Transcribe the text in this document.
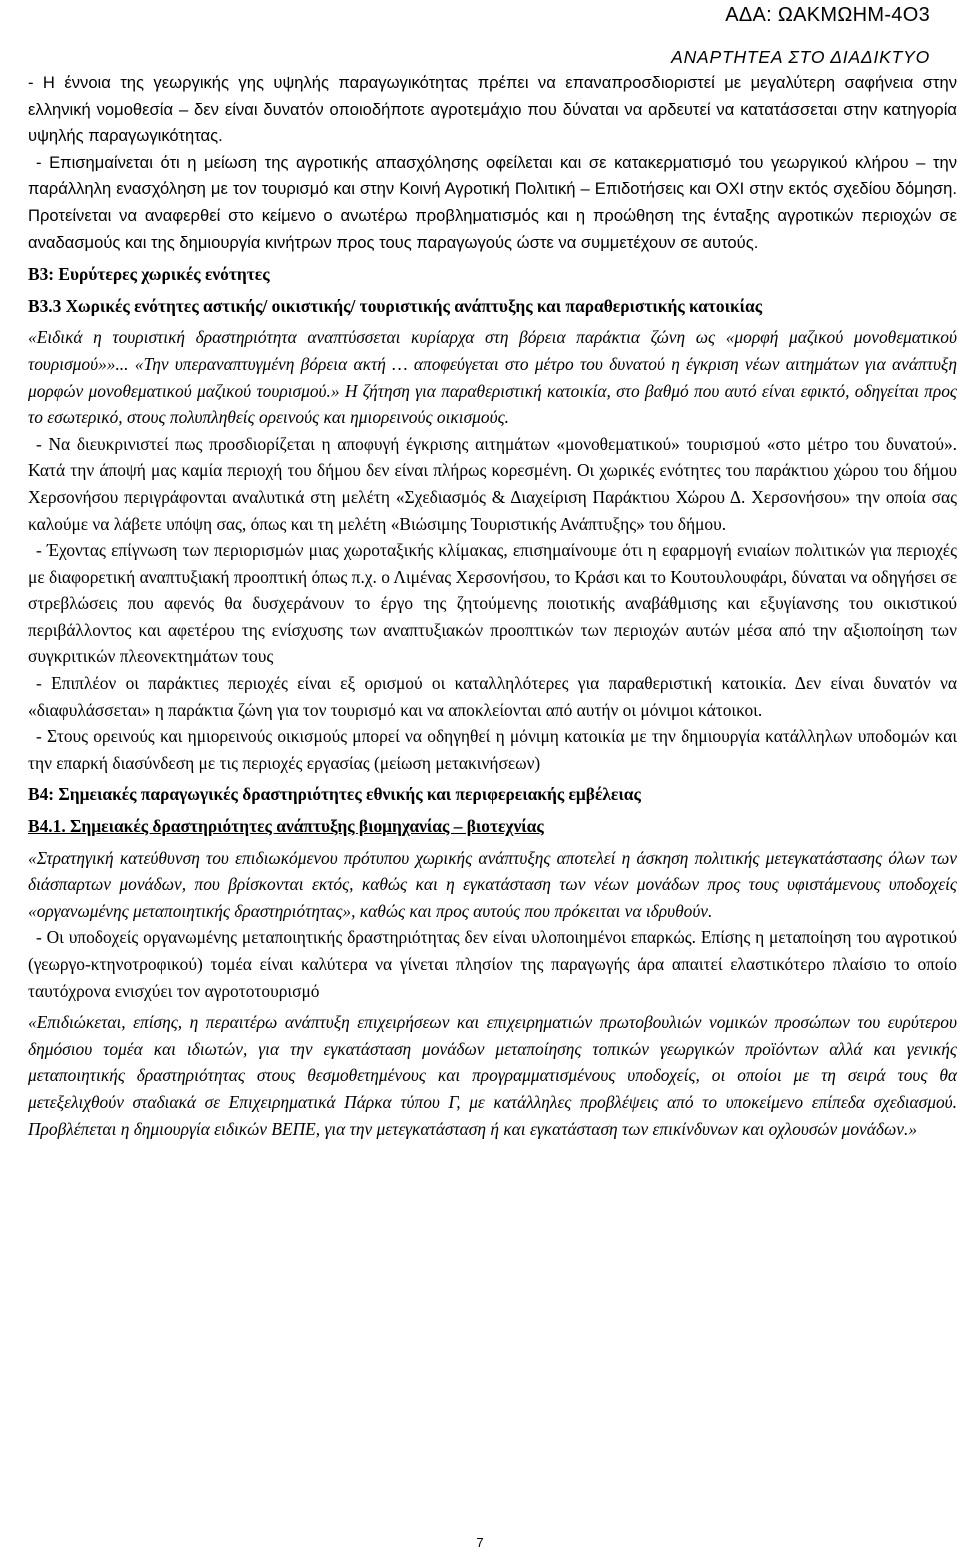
ΑΔΑ: ΩΑΚΜΩΗΜ-4Ο3
ΑΝΑΡΤΗΤΕΑ ΣΤΟ ΔΙΑΔΙΚΤΥΟ

- Η έννοια της γεωργικής γης υψηλής παραγωγικότητας πρέπει να επαναπροσδιοριστεί με μεγαλύτερη σαφήνεια στην ελληνική νομοθεσία – δεν είναι δυνατόν οποιοδήποτε αγροτεμάχιο που δύναται να αρδευτεί να κατατάσσεται στην κατηγορία υψηλής παραγωγικότητας.

- Επισημαίνεται ότι η μείωση της αγροτικής απασχόλησης οφείλεται και σε κατακερματισμό του γεωργικού κλήρου – την παράλληλη ενασχόληση με τον τουρισμό και στην Κοινή Αγροτική Πολιτική – Επιδοτήσεις και ΟΧΙ στην εκτός σχεδίου δόμηση. Προτείνεται να αναφερθεί στο κείμενο ο ανωτέρω προβληματισμός και η προώθηση της ένταξης αγροτικών περιοχών σε αναδασμούς και της δημιουργία κινήτρων προς τους παραγωγούς ώστε να συμμετέχουν σε αυτούς.

Β3: Ευρύτερες χωρικές ενότητες

Β3.3 Χωρικές ενότητες αστικής/ οικιστικής/ τουριστικής ανάπτυξης και παραθεριστικής κατοικίας

«Ειδικά η τουριστική δραστηριότητα αναπτύσσεται κυρίαρχα στη βόρεια παράκτια ζώνη ως «μορφή μαζικού μονοθεματικού τουρισμού»»... «Την υπεραναπτυγμένη βόρεια ακτή … αποφεύγεται στο μέτρο του δυνατού η έγκριση νέων αιτημάτων για ανάπτυξη μορφών μονοθεματικού μαζικού τουρισμού.» Η ζήτηση για παραθεριστική κατοικία, στο βαθμό που αυτό είναι εφικτό, οδηγείται προς το εσωτερικό, στους πολυπληθείς ορεινούς και ημιορεινούς οικισμούς.

- Να διευκρινιστεί πως προσδιορίζεται η αποφυγή έγκρισης αιτημάτων «μονοθεματικού» τουρισμού «στο μέτρο του δυνατού». Κατά την άποψή μας καμία περιοχή του δήμου δεν είναι πλήρως κορεσμένη. Οι χωρικές ενότητες του παράκτιου χώρου του δήμου Χερσονήσου περιγράφονται αναλυτικά στη μελέτη «Σχεδιασμός & Διαχείριση Παράκτιου Χώρου Δ. Χερσονήσου» την οποία σας καλούμε να λάβετε υπόψη σας, όπως και τη μελέτη «Βιώσιμης Τουριστικής Ανάπτυξης» του δήμου.

- Έχοντας επίγνωση των περιορισμών μιας χωροταξικής κλίμακας, επισημαίνουμε ότι η εφαρμογή ενιαίων πολιτικών για περιοχές με διαφορετική αναπτυξιακή προοπτική όπως π.χ. ο Λιμένας Χερσονήσου, το Κράσι και το Κουτουλουφάρι, δύναται να οδηγήσει σε στρεβλώσεις που αφενός θα δυσχεράνουν το έργο της ζητούμενης ποιοτικής αναβάθμισης και εξυγίανσης του οικιστικού περιβάλλοντος και αφετέρου της ενίσχυσης των αναπτυξιακών προοπτικών των περιοχών αυτών μέσα από την αξιοποίηση των συγκριτικών πλεονεκτημάτων τους

- Επιπλέον οι παράκτιες περιοχές είναι εξ ορισμού οι καταλληλότερες για παραθεριστική κατοικία. Δεν είναι δυνατόν να «διαφυλάσσεται» η παράκτια ζώνη για τον τουρισμό και να αποκλείονται από αυτήν οι μόνιμοι κάτοικοι.

- Στους ορεινούς και ημιορεινούς οικισμούς μπορεί να οδηγηθεί η μόνιμη κατοικία με την δημιουργία κατάλληλων υποδομών και την επαρκή διασύνδεση με τις περιοχές εργασίας (μείωση μετακινήσεων)

Β4: Σημειακές παραγωγικές δραστηριότητες εθνικής και περιφερειακής εμβέλειας

Β4.1. Σημειακές δραστηριότητες ανάπτυξης βιομηχανίας – βιοτεχνίας

«Στρατηγική κατεύθυνση του επιδιωκόμενου πρότυπου χωρικής ανάπτυξης αποτελεί η άσκηση πολιτικής μετεγκατάστασης όλων των διάσπαρτων μονάδων, που βρίσκονται εκτός, καθώς και η εγκατάσταση των νέων μονάδων προς τους υφιστάμενους υποδοχείς «οργανωμένης μεταποιητικής δραστηριότητας», καθώς και προς αυτούς που πρόκειται να ιδρυθούν.

- Οι υποδοχείς οργανωμένης μεταποιητικής δραστηριότητας δεν είναι υλοποιημένοι επαρκώς. Επίσης η μεταποίηση του αγροτικού (γεωργο-κτηνοτροφικού) τομέα είναι καλύτερα να γίνεται πλησίον της παραγωγής άρα απαιτεί ελαστικότερο πλαίσιο το οποίο ταυτόχρονα ενισχύει τον αγροτοτουρισμό

«Επιδιώκεται, επίσης, η περαιτέρω ανάπτυξη επιχειρήσεων και επιχειρηματιών πρωτοβουλιών νομικών προσώπων του ευρύτερου δημόσιου τομέα και ιδιωτών, για την εγκατάσταση μονάδων μεταποίησης τοπικών γεωργικών προϊόντων αλλά και γενικής μεταποιητικής δραστηριότητας στους θεσμοθετημένους και προγραμματισμένους υποδοχείς, οι οποίοι με τη σειρά τους θα μετεξελιχθούν σταδιακά σε Επιχειρηματικά Πάρκα τύπου Γ, με κατάλληλες προβλέψεις από το υποκείμενο επίπεδα σχεδιασμού. Προβλέπεται η δημιουργία ειδικών ΒΕΠΕ, για την μετεγκατάσταση ή και εγκατάσταση των επικίνδυνων και οχλουσών μονάδων.»

7
